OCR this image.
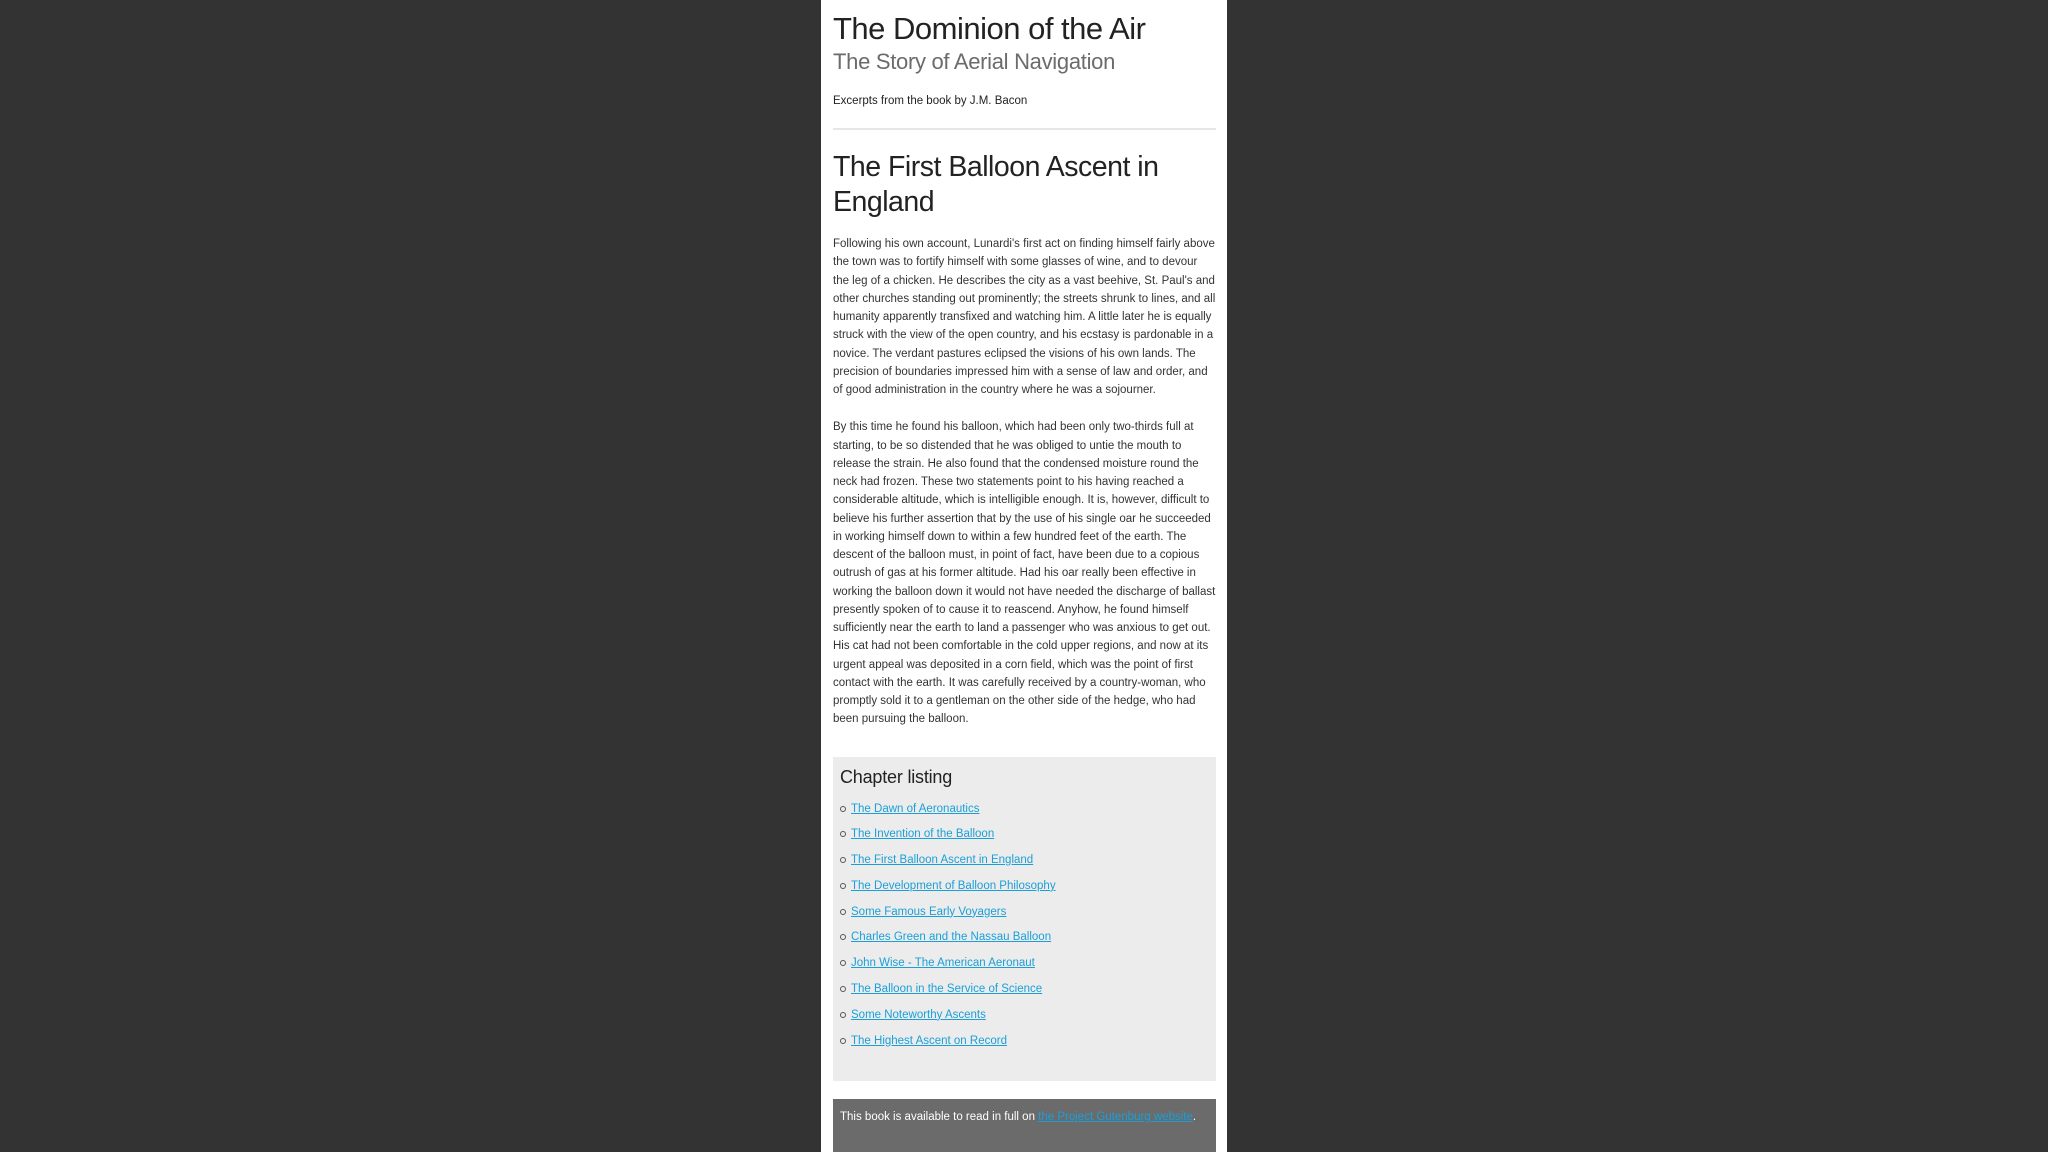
The Dominion of the Air
The Story of Aerial Navigation

Excerpts from the book by J.M. Bacon

The First Balloon Ascent in England

Following his own account, Lunardi's first act on finding himself fairly above the town was to fortify himself with some glasses of wine, and to devour the leg of a chicken. He describes the city as a vast beehive, St. Paul's and other churches standing out prominently; the streets shrunk to lines, and all humanity apparently transfixed and watching him. A little later he is equally struck with the view of the open country, and his ecstasy is pardonable in a novice. The verdant pastures eclipsed the visions of his own lands. The precision of boundaries impressed him with a sense of law and order, and of good administration in the country where he was a sojourner.

By this time he found his balloon, which had been only two-thirds full at starting, to be so distended that he was obliged to untie the mouth to release the strain. He also found that the condensed moisture round the neck had frozen. These two statements point to his having reached a considerable altitude, which is intelligible enough. It is, however, difficult to believe his further assertion that by the use of his single oar he succeeded in working himself down to within a few hundred feet of the earth. The descent of the balloon must, in point of fact, have been due to a copious outrush of gas at his former altitude. Had his oar really been effective in working the balloon down it would not have needed the discharge of ballast presently spoken of to cause it to reascend. Anyhow, he found himself sufficiently near the earth to land a passenger who was anxious to get out. His cat had not been comfortable in the cold upper regions, and now at its urgent appeal was deposited in a corn field, which was the point of first contact with the earth. It was carefully received by a country-woman, who promptly sold it to a gentleman on the other side of the hedge, who had been pursuing the balloon.

Chapter listing
The Dawn of Aeronautics
The Invention of the Balloon
The First Balloon Ascent in England
The Development of Balloon Philosophy
Some Famous Early Voyagers
Charles Green and the Nassau Balloon
John Wise - The American Aeronaut
The Balloon in the Service of Science
Some Noteworthy Ascents
The Highest Ascent on Record
This book is available to read in full on the Project Gutenburg website.
